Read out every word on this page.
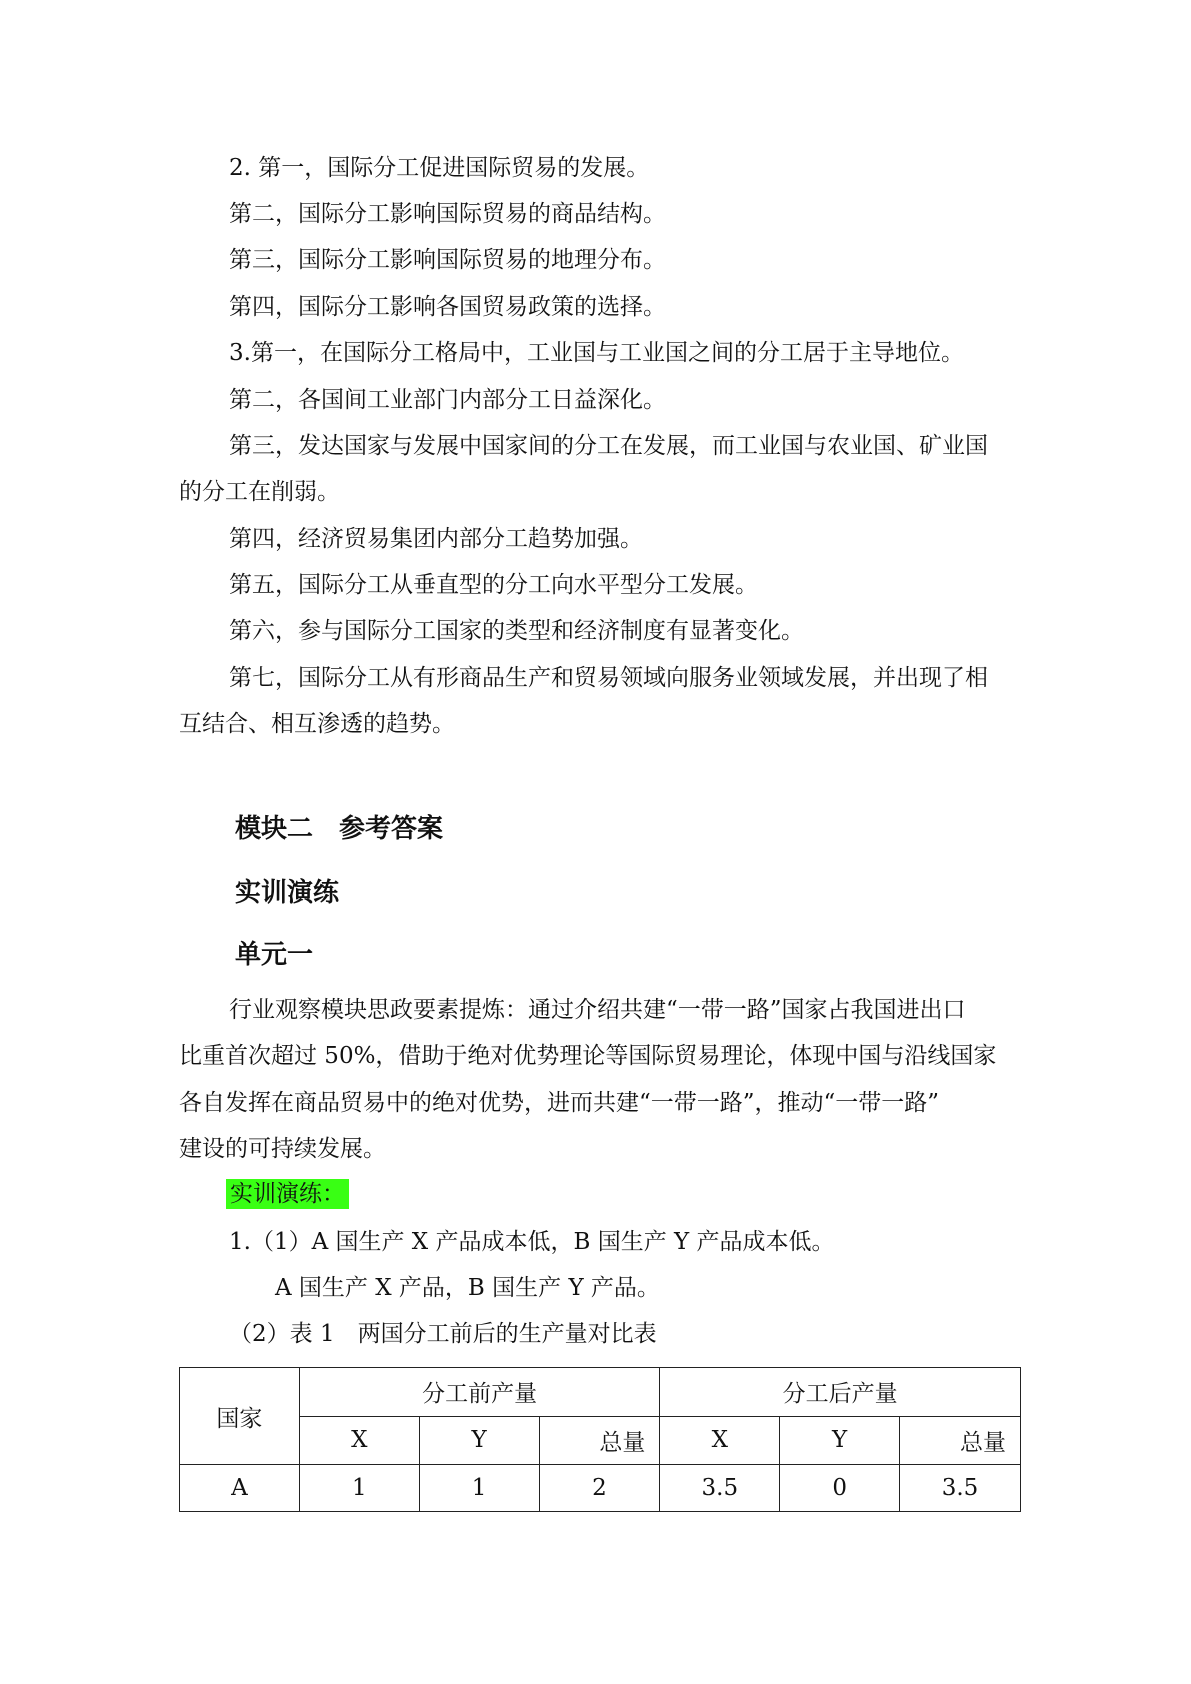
2. 第一，国际分工促进国际贸易的发展。
第二，国际分工影响国际贸易的商品结构。
第三，国际分工影响国际贸易的地理分布。
第四，国际分工影响各国贸易政策的选择。
3.第一，在国际分工格局中，工业国与工业国之间的分工居于主导地位。
第二，各国间工业部门内部分工日益深化。
第三，发达国家与发展中国家间的分工在发展，而工业国与农业国、矿业国
的分工在削弱。
第四，经济贸易集团内部分工趋势加强。
第五，国际分工从垂直型的分工向水平型分工发展。
第六，参与国际分工国家的类型和经济制度有显著变化。
第七，国际分工从有形商品生产和贸易领域向服务业领域发展，并出现了相
互结合、相互渗透的趋势。
模块二　参考答案
实训演练
单元一
行业观察模块思政要素提炼：通过介绍共建“一带一路”国家占我国进出口
比重首次超过 50%，借助于绝对优势理论等国际贸易理论，体现中国与沿线国家
各自发挥在商品贸易中的绝对优势，进而共建“一带一路”，推动“一带一路”
建设的可持续发展。
实训演练：
1.（1）A 国生产 X 产品成本低，B 国生产 Y 产品成本低。
A 国生产 X 产品，B 国生产 Y 产品。
（2）表 1　两国分工前后的生产量对比表
国家	分工前产量			分工后产量		
	X	Y	总量	X	Y	总量
A	1	1	2	3.5	0	3.5
